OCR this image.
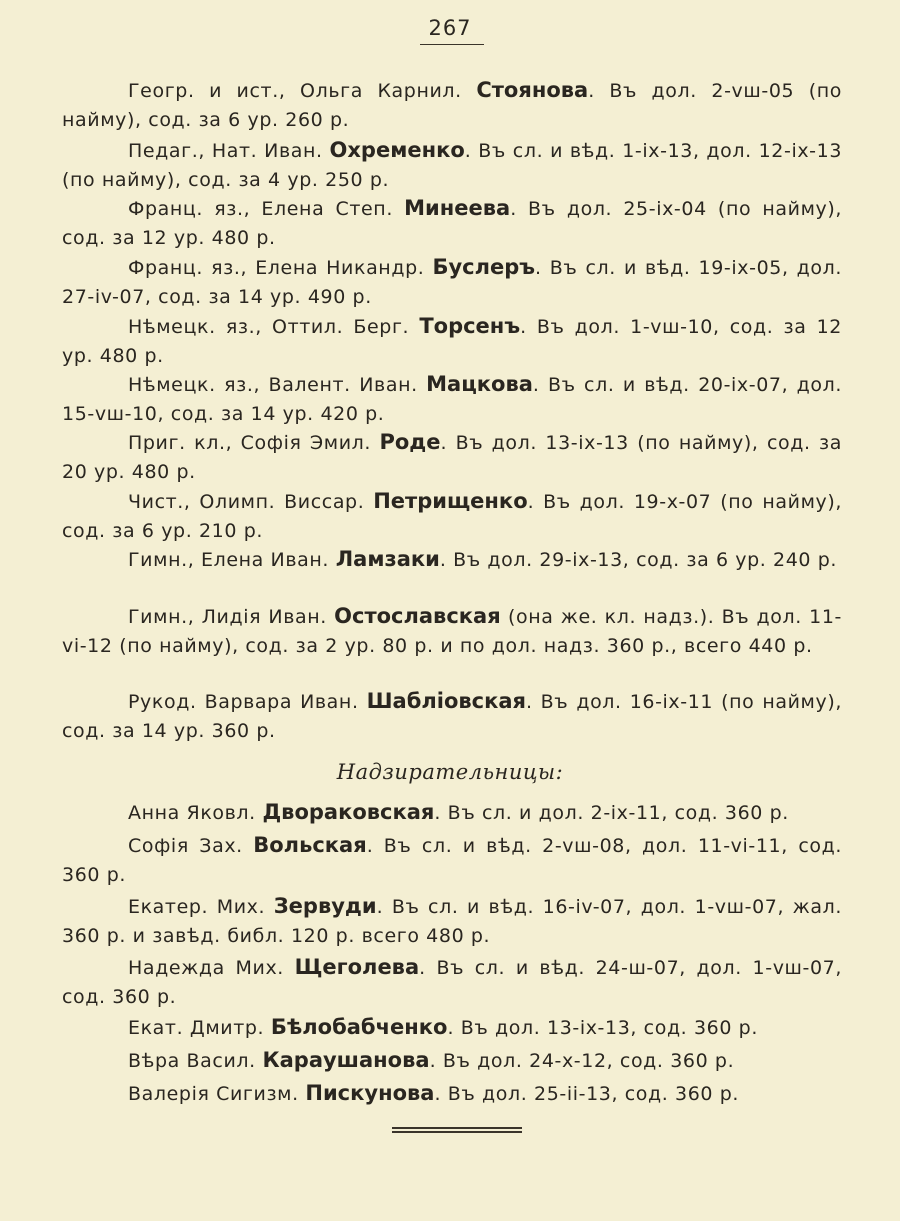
267
Геогр. и ист., Ольга Карнил. Стоянова. Въ дол. 2-vш-05 (по найму), сод. за 6 ур. 260 р.
Педаг., Нат. Иван. Охременко. Въ сл. и вѣд. 1-ix-13, дол. 12-ix-13 (по найму), сод. за 4 ур. 250 р.
Франц. яз., Елена Степ. Минеева. Въ дол. 25-ix-04 (по найму), сод. за 12 ур. 480 р.
Франц. яз., Елена Никандр. Буслеръ. Въ сл. и вѣд. 19-ix-05, дол. 27-iv-07, сод. за 14 ур. 490 р.
Нѣмецк. яз., Оттил. Берг. Торсенъ. Въ дол. 1-vш-10, сод. за 12 ур. 480 р.
Нѣмецк. яз., Валент. Иван. Мацкова. Въ сл. и вѣд. 20-ix-07, дол. 15-vш-10, сод. за 14 ур. 420 р.
Приг. кл., Софія Эмил. Роде. Въ дол. 13-ix-13 (по найму), сод. за 20 ур. 480 р.
Чист., Олимп. Виссар. Петрищенко. Въ дол. 19-x-07 (по найму), сод. за 6 ур. 210 р.
Гимн., Елена Иван. Ламзаки. Въ дол. 29-ix-13, сод. за 6 ур. 240 р.
Гимн., Лидія Иван. Остославская (она же. кл. надз.). Въ дол. 11-vi-12 (по найму), сод. за 2 ур. 80 р. и по дол. надз. 360 р., всего 440 р.
Рукод. Варвара Иван. Шабліовская. Въ дол. 16-ix-11 (по найму), сод. за 14 ур. 360 р.
Надзирательницы:
Анна Яковл. Двораковская. Въ сл. и дол. 2-ix-11, сод. 360 р.
Софія Зах. Вольская. Въ сл. и вѣд. 2-vш-08, дол. 11-vi-11, сод. 360 р.
Екатер. Мих. Зервуди. Въ сл. и вѣд. 16-iv-07, дол. 1-vш-07, жал. 360 р. и завѣд. библ. 120 р. всего 480 р.
Надежда Мих. Щеголева. Въ сл. и вѣд. 24-ш-07, дол. 1-vш-07, сод. 360 р.
Екат. Дмитр. Бѣлобабченко. Въ дол. 13-ix-13, сод. 360 р.
Вѣра Васил. Караушанова. Въ дол. 24-x-12, сод. 360 р.
Валерія Сигизм. Пискунова. Въ дол. 25-ii-13, сод. 360 р.
